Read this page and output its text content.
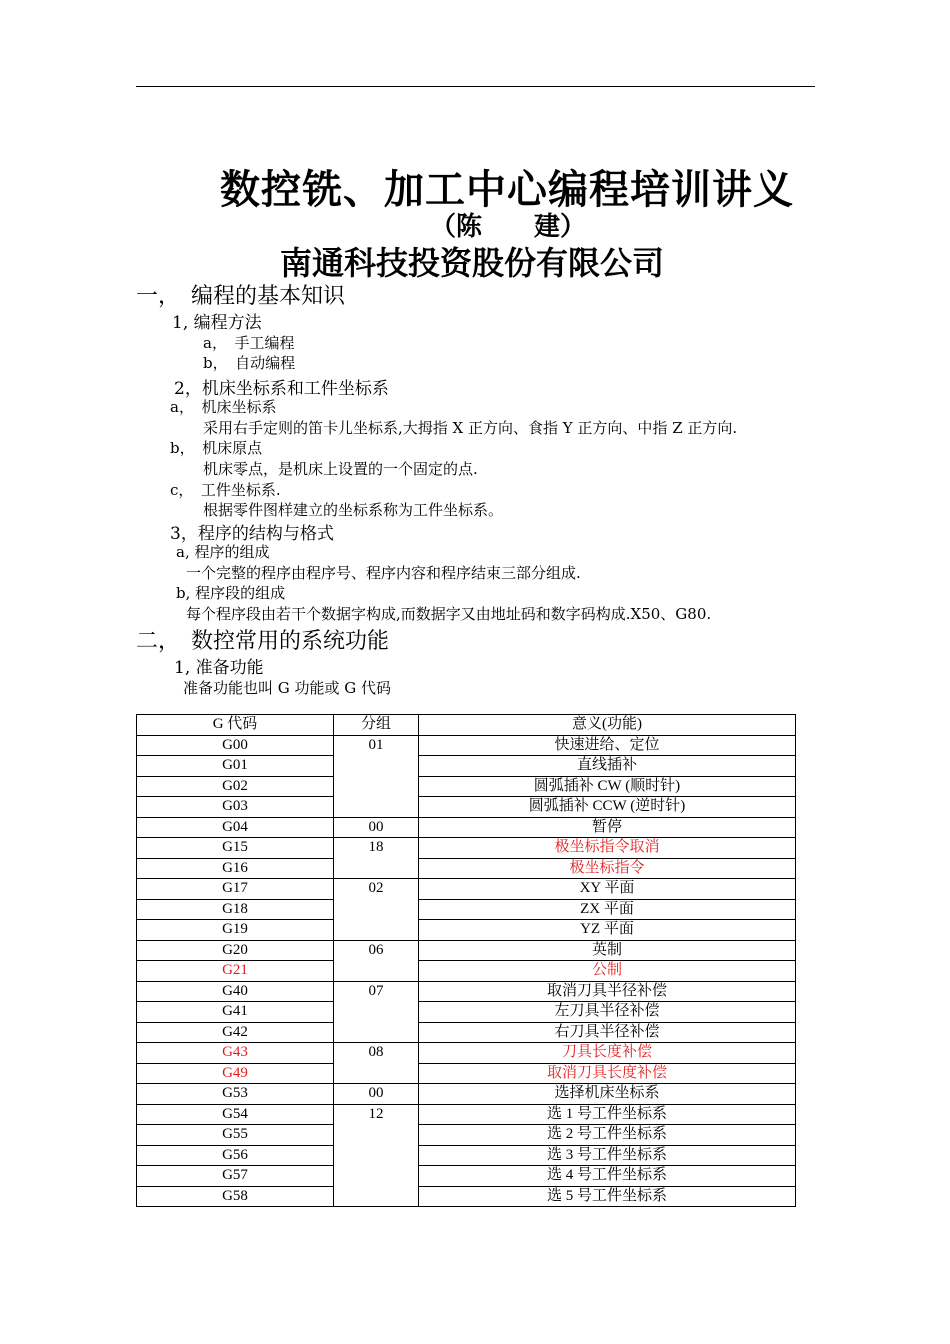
数控铣、加工中心编程培训讲义
（陈　　建）
南通科技投资股份有限公司
一，　编程的基本知识
1, 编程方法
a，　手工编程
b，　自动编程
2，机床坐标系和工件坐标系
a，　机床坐标系
采用右手定则的笛卡儿坐标系,大拇指 X 正方向、食指 Y 正方向、中指 Z 正方向.
b，　机床原点
机床零点，是机床上设置的一个固定的点.
c，　工件坐标系.
根据零件图样建立的坐标系称为工件坐标系。
3，程序的结构与格式
a, 程序的组成
一个完整的程序由程序号、程序内容和程序结束三部分组成.
b, 程序段的组成
每个程序段由若干个数据字构成,而数据字又由地址码和数字码构成.X50、G80.
二，　数控常用的系统功能
1, 准备功能
准备功能也叫 G 功能或 G 代码
G 代码	分组	意义(功能)
G00	01	快速进给、定位
G01		直线插补
G02		圆弧插补 CW (顺时针)
G03		圆弧插补 CCW (逆时针)
G04	00	暂停
G15	18	极坐标指令取消
G16		极坐标指令
G17	02	XY 平面
G18		ZX 平面
G19		YZ 平面
G20	06	英制
G21		公制
G40	07	取消刀具半径补偿
G41		左刀具半径补偿
G42		右刀具半径补偿
G43	08	刀具长度补偿
G49		取消刀具长度补偿
G53	00	选择机床坐标系
G54	12	选 1 号工件坐标系
G55		选 2 号工件坐标系
G56		选 3 号工件坐标系
G57		选 4 号工件坐标系
G58		选 5 号工件坐标系
